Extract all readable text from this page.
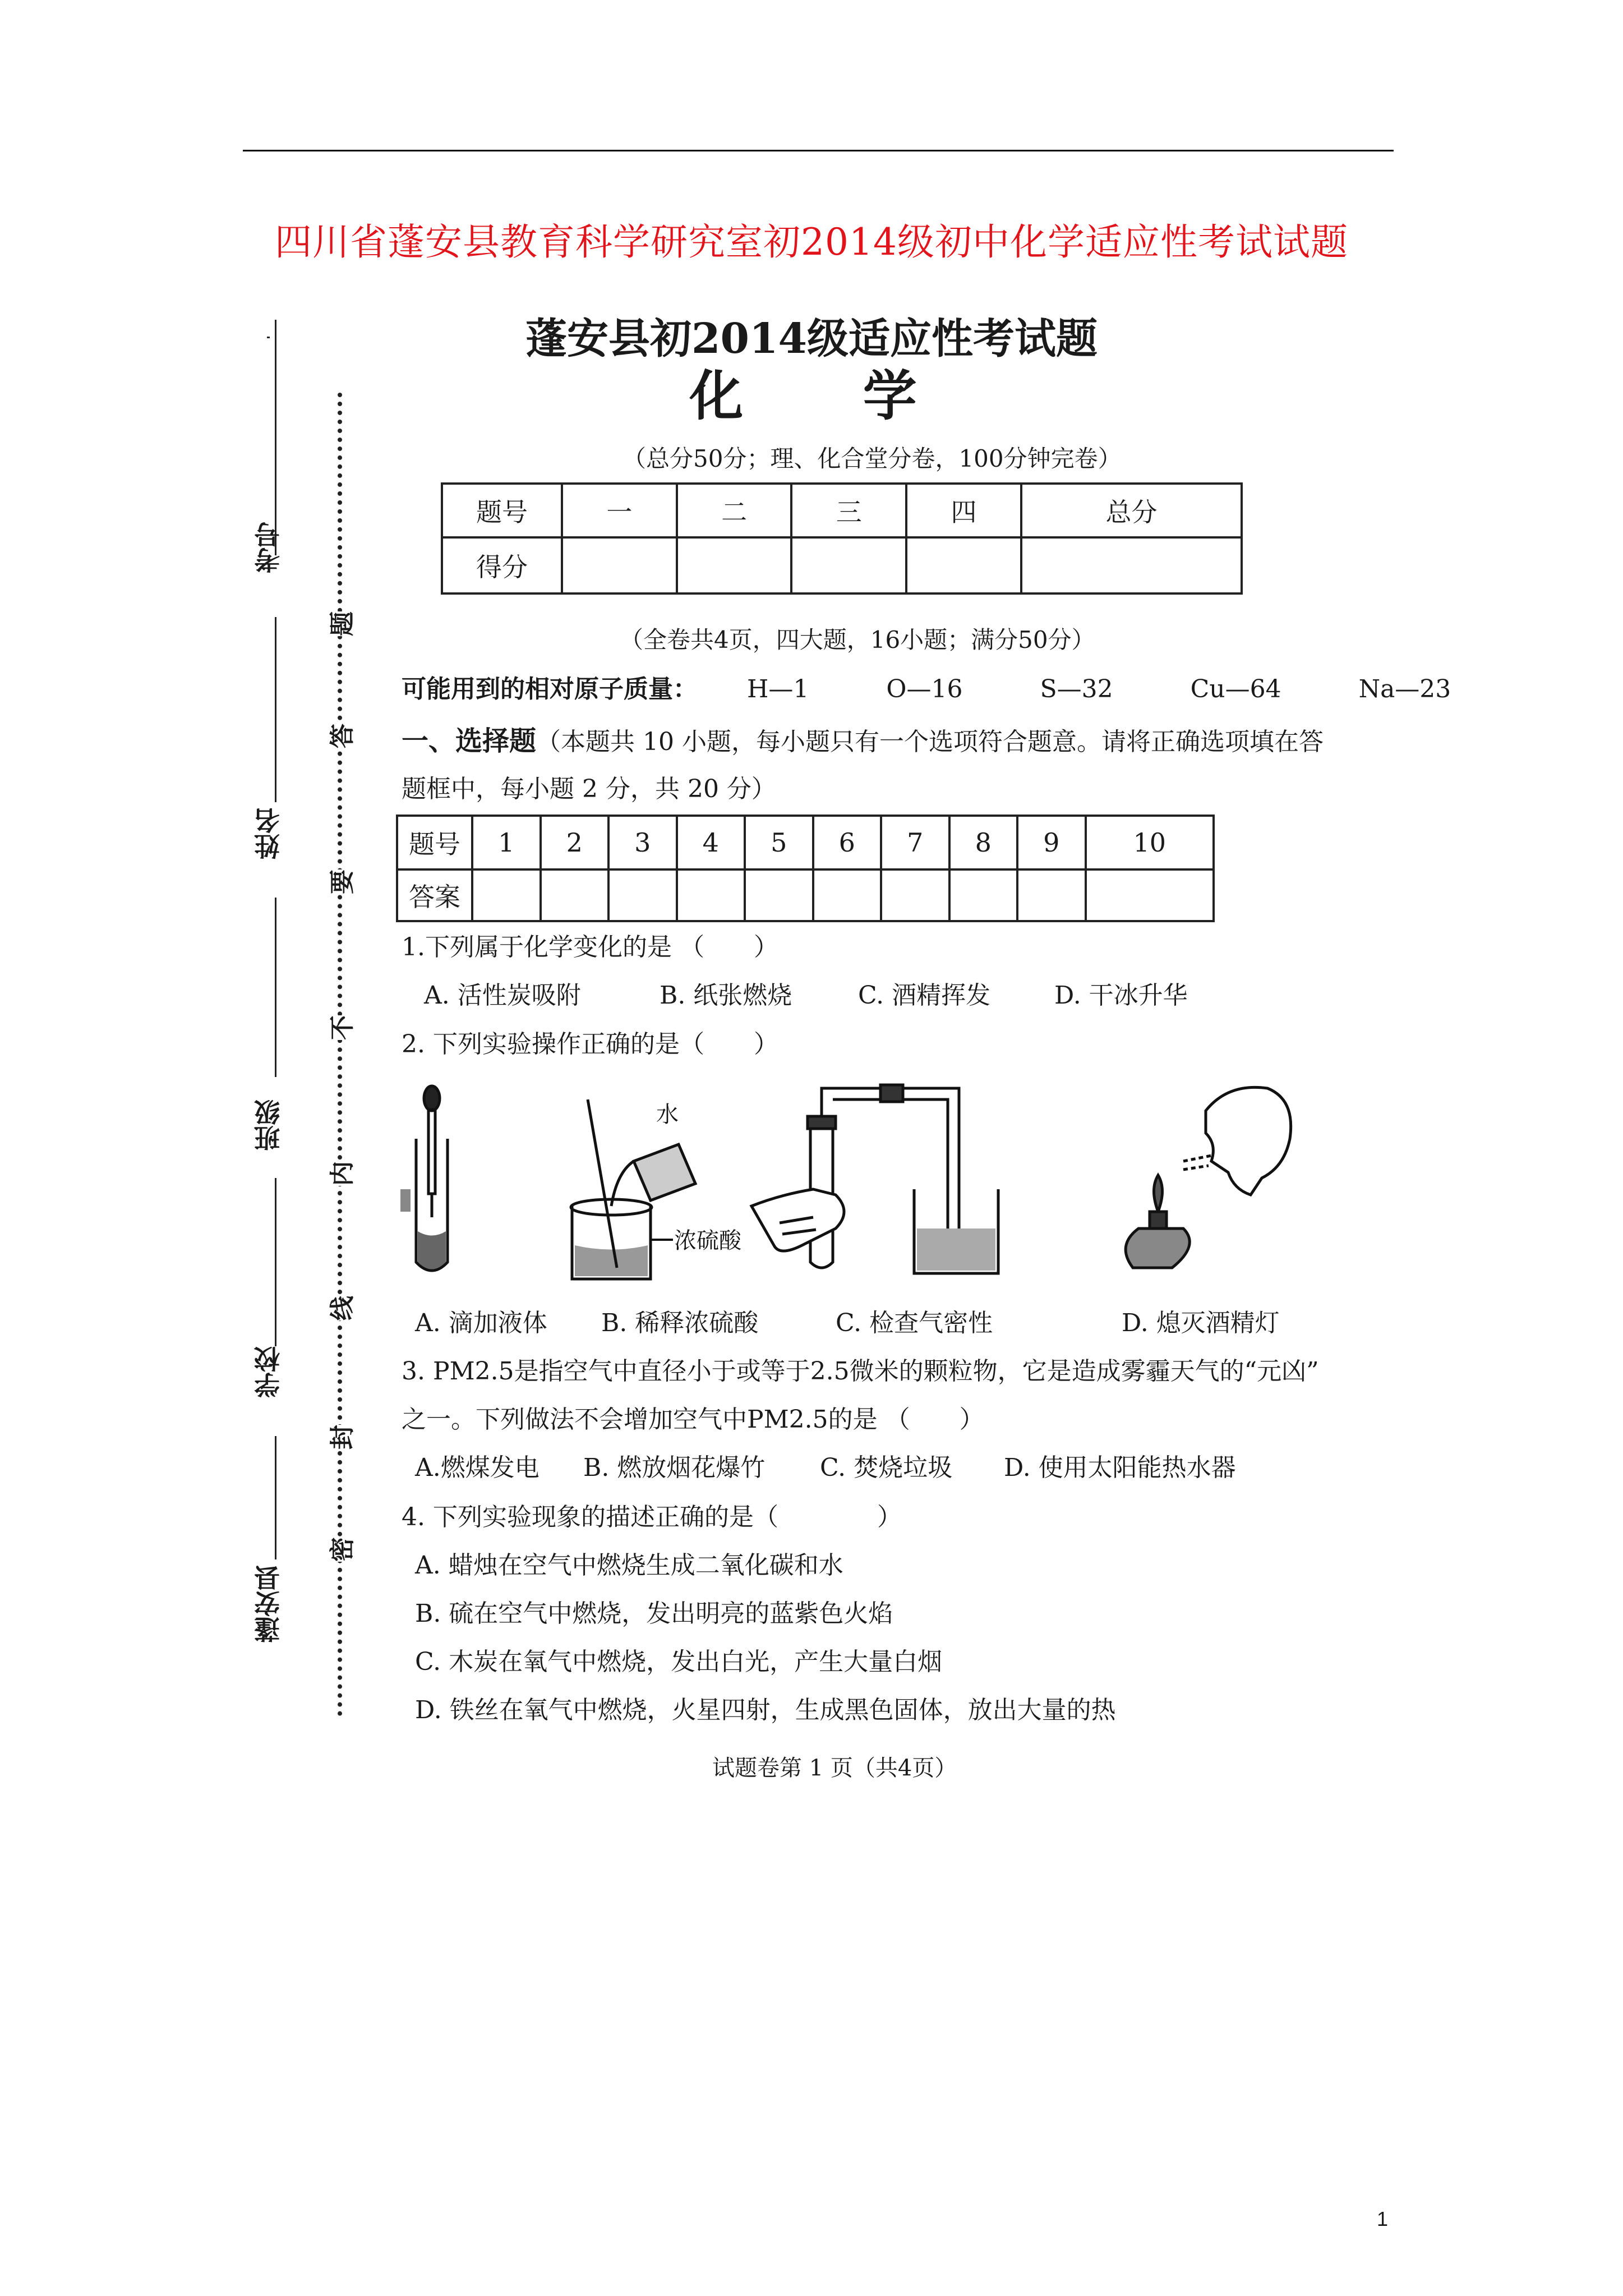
四川省蓬安县教育科学研究室初2014级初中化学适应性考试试题
考号
姓名
班级
学校
蓬安县
题
答
要
不
内
线
封
密
蓬安县初2014级适应性考试题
化 学
（总分50分；理、化合堂分卷，100分钟完卷）
题号	一	二	三	四	总分
得分					
（全卷共4页，四大题，16小题；满分50分）
可能用到的相对原子质量： H—1	O—16	S—32	Cu—64	Na—23
一、选择题（本题共 10 小题，每小题只有一个选项符合题意。请将正确选项填在答
题框中，每小题 2 分，共 20 分）
题号	1	2	3	4	5	6	7	8	9	10
答案										
1.下列属于化学变化的是 （　　）
A. 活性炭吸附	B. 纸张燃烧	C. 酒精挥发	D. 干冰升华
2. 下列实验操作正确的是（　　）
水
浓硫酸
A. 滴加液体 B. 稀释浓硫酸	C. 检查气密性	D. 熄灭酒精灯
3. PM2.5是指空气中直径小于或等于2.5微米的颗粒物，它是造成雾霾天气的“元凶”
之一。下列做法不会增加空气中PM2.5的是 （　　）
A.燃煤发电 B. 燃放烟花爆竹 C. 焚烧垃圾 D. 使用太阳能热水器
4. 下列实验现象的描述正确的是（　　　　）
A. 蜡烛在空气中燃烧生成二氧化碳和水
B. 硫在空气中燃烧，发出明亮的蓝紫色火焰
C. 木炭在氧气中燃烧，发出白光，产生大量白烟
D. 铁丝在氧气中燃烧，火星四射，生成黑色固体，放出大量的热
试题卷第 1 页（共4页）
1
